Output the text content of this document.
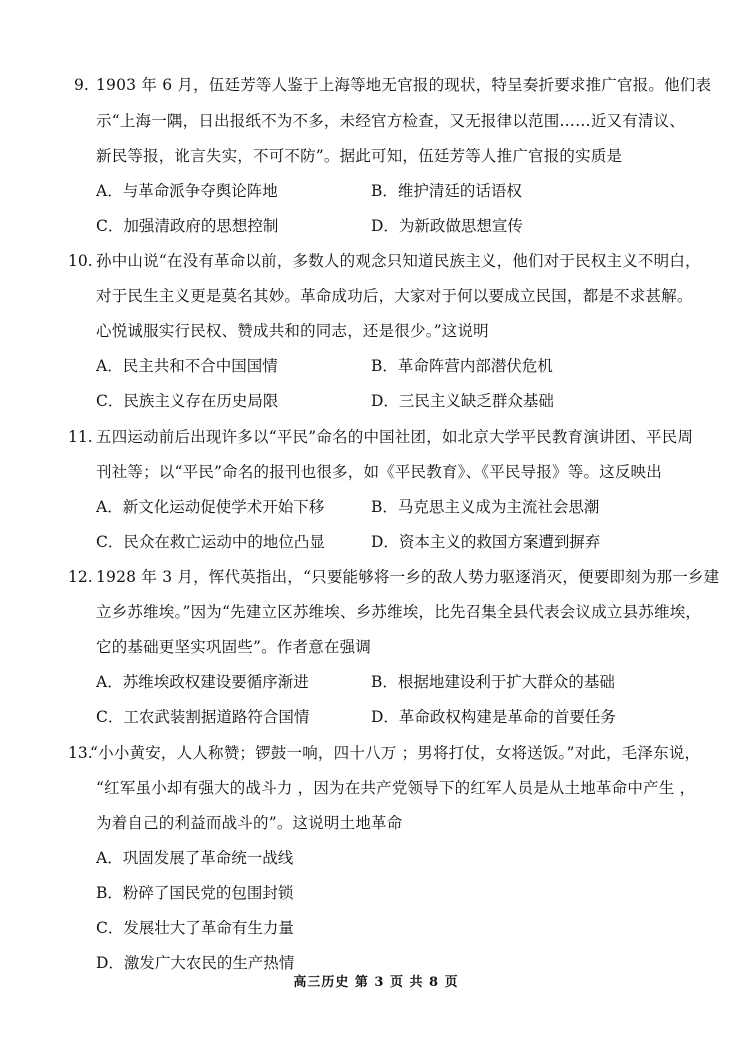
9. 1903 年 6 月，伍廷芳等人鉴于上海等地无官报的现状，特呈奏折要求推广官报。他们表
示“上海一隅，日出报纸不为不多，未经官方检查，又无报律以范围……近又有清议、
新民等报，讹言失实，不可不防”。据此可知，伍廷芳等人推广官报的实质是
A．与革命派争夺舆论阵地	B．维护清廷的话语权
C．加强清政府的思想控制	D．为新政做思想宣传
10. 孙中山说“在没有革命以前，多数人的观念只知道民族主义，他们对于民权主义不明白，
对于民生主义更是莫名其妙。革命成功后，大家对于何以要成立民国，都是不求甚解。
心悦诚服实行民权、赞成共和的同志，还是很少。”这说明
A．民主共和不合中国国情	B．革命阵营内部潜伏危机
C．民族主义存在历史局限	D．三民主义缺乏群众基础
11. 五四运动前后出现许多以“平民”命名的中国社团，如北京大学平民教育演讲团、平民周
刊社等；以“平民”命名的报刊也很多，如《平民教育》、《平民导报》等。这反映出
A．新文化运动促使学术开始下移	B．马克思主义成为主流社会思潮
C．民众在救亡运动中的地位凸显	D．资本主义的救国方案遭到摒弃
12. 1928 年 3 月，恽代英指出，“只要能够将一乡的敌人势力驱逐消灭，便要即刻为那一乡建
立乡苏维埃。”因为“先建立区苏维埃、乡苏维埃，比先召集全县代表会议成立县苏维埃，
它的基础更坚实巩固些”。作者意在强调
A．苏维埃政权建设要循序渐进	B．根据地建设利于扩大群众的基础
C．工农武装割据道路符合国情	D．革命政权构建是革命的首要任务
13.
“小小黄安，人人称赞；锣鼓一响，四十八万 ；男将打仗，女将送饭。”对此，毛泽东说，
“红军虽小却有强大的战斗力 ，因为在共产党领导下的红军人员是从土地革命中产生 ，
为着自己的利益而战斗的”。这说明土地革命
A．巩固发展了革命统一战线
B．粉碎了国民党的包围封锁
C．发展壮大了革命有生力量
D．激发广大农民的生产热情
高三历史 第 3 页 共 8 页
